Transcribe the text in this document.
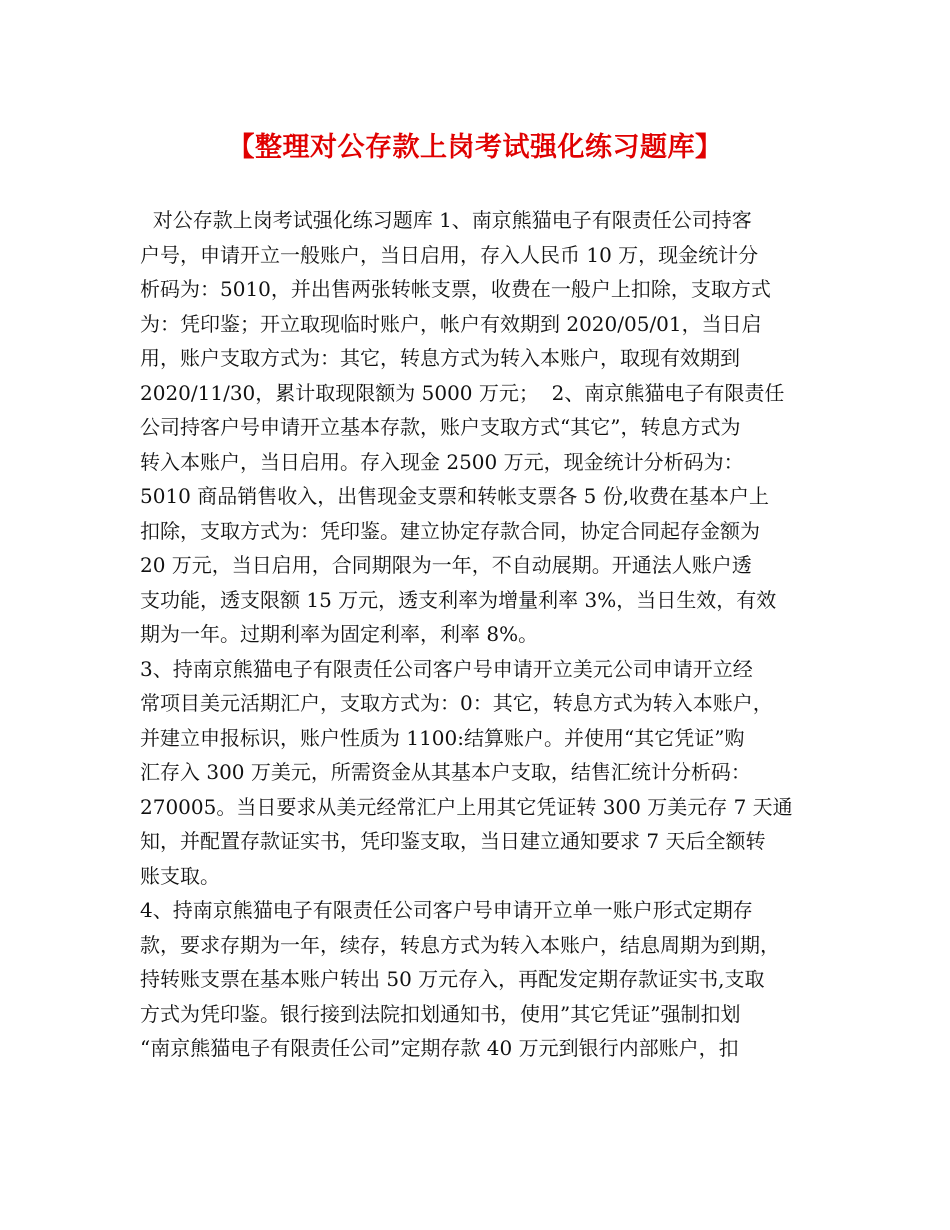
【整理对公存款上岗考试强化练习题库】
对公存款上岗考试强化练习题库 1、南京熊猫电子有限责任公司持客
户号，申请开立一般账户，当日启用，存入人民币 10 万，现金统计分
析码为：5010，并出售两张转帐支票，收费在一般户上扣除，支取方式
为：凭印鉴；开立取现临时账户，帐户有效期到 2020/05/01，当日启
用，账户支取方式为：其它，转息方式为转入本账户，取现有效期到
2020/11/30，累计取现限额为 5000 万元；  2、南京熊猫电子有限责任
公司持客户号申请开立基本存款，账户支取方式“其它”，转息方式为
转入本账户，当日启用。存入现金 2500 万元，现金统计分析码为：
5010 商品销售收入，出售现金支票和转帐支票各 5 份,收费在基本户上
扣除，支取方式为：凭印鉴。建立协定存款合同，协定合同起存金额为
20 万元，当日启用，合同期限为一年，不自动展期。开通法人账户透
支功能，透支限额 15 万元，透支利率为增量利率 3%，当日生效，有效
期为一年。过期利率为固定利率，利率 8%。
3、持南京熊猫电子有限责任公司客户号申请开立美元公司申请开立经
常项目美元活期汇户，支取方式为：0：其它，转息方式为转入本账户，
并建立申报标识，账户性质为 1100:结算账户。并使用“其它凭证”购
汇存入 300 万美元，所需资金从其基本户支取，结售汇统计分析码：
270005。当日要求从美元经常汇户上用其它凭证转 300 万美元存 7 天通
知，并配置存款证实书，凭印鉴支取，当日建立通知要求 7 天后全额转
账支取。
4、持南京熊猫电子有限责任公司客户号申请开立单一账户形式定期存
款，要求存期为一年，续存，转息方式为转入本账户，结息周期为到期，
持转账支票在基本账户转出 50 万元存入，再配发定期存款证实书,支取
方式为凭印鉴。银行接到法院扣划通知书，使用”其它凭证”强制扣划
“南京熊猫电子有限责任公司”定期存款 40 万元到银行内部账户，扣
